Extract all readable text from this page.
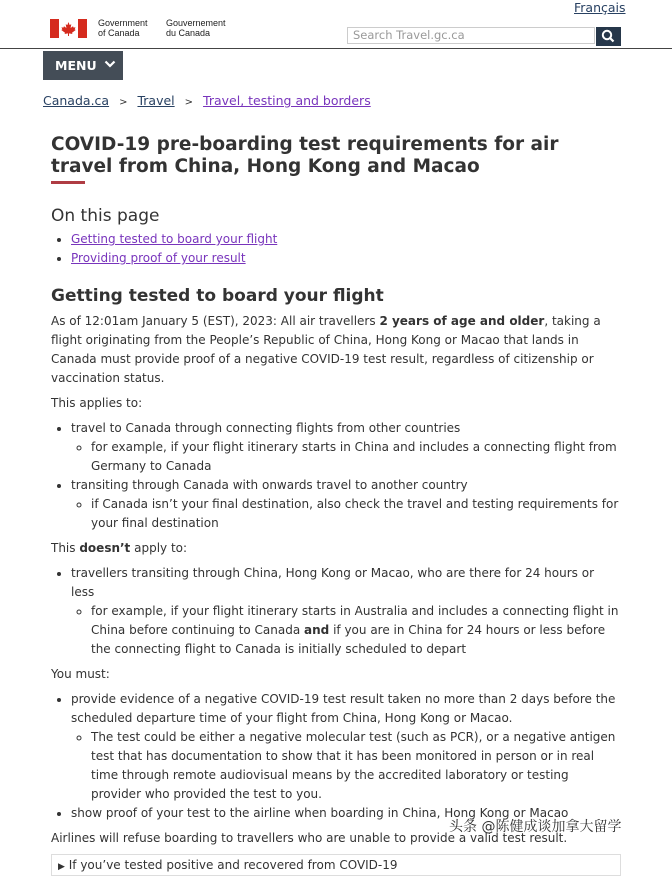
Français
Government
of Canada
Gouvernement
du Canada	Search Travel.gc.ca
MENU
Canada.ca > Travel > Travel, testing and borders
COVID-19 pre-boarding test requirements for air travel from China, Hong Kong and Macao
On this page
• Getting tested to board your flight
• Providing proof of your result
Getting tested to board your flight

As of 12:01am January 5 (EST), 2023: All air travellers 2 years of age and older, taking a flight originating from the People’s Republic of China, Hong Kong or Macao that lands in Canada must provide proof of a negative COVID-19 test result, regardless of citizenship or vaccination status.

This applies to:

• travel to Canada through connecting flights from other countries
◦ for example, if your flight itinerary starts in China and includes a connecting flight from Germany to Canada
• transiting through Canada with onwards travel to another country
◦ if Canada isn’t your final destination, also check the travel and testing requirements for your final destination

This doesn’t apply to:

• travellers transiting through China, Hong Kong or Macao, who are there for 24 hours or less
◦ for example, if your flight itinerary starts in Australia and includes a connecting flight in China before continuing to Canada and if you are in China for 24 hours or less before the connecting flight to Canada is initially scheduled to depart

You must:

• provide evidence of a negative COVID-19 test result taken no more than 2 days before the scheduled departure time of your flight from China, Hong Kong or Macao.
◦ The test could be either a negative molecular test (such as PCR), or a negative antigen test that has documentation to show that it has been monitored in person or in real time through remote audiovisual means by the accredited laboratory or testing provider who provided the test to you.
• show proof of your test to the airline when boarding in China, Hong Kong or Macao

Airlines will refuse boarding to travellers who are unable to provide a valid test result.

▶ If you’ve tested positive and recovered from COVID-19
头条 @陈健成谈加拿大留学
